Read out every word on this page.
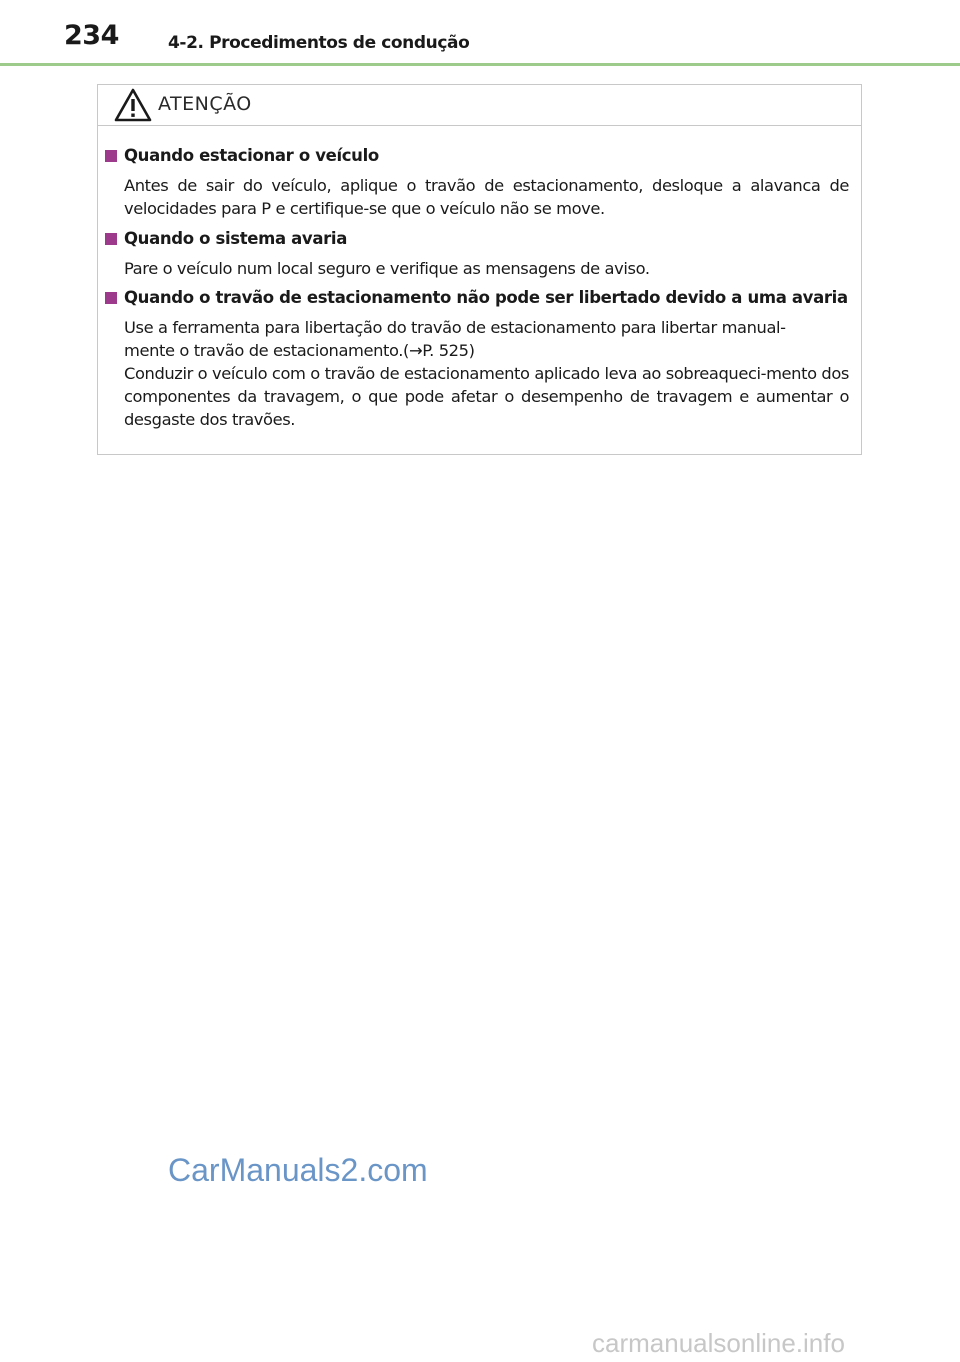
234	4-2. Procedimentos de condução
ATENÇÃO
Quando estacionar o veículo
Antes de sair do veículo, aplique o travão de estacionamento, desloque a alavanca de velocidades para P e certifique-se que o veículo não se move.
Quando o sistema avaria
Pare o veículo num local seguro e verifique as mensagens de aviso.
Quando o travão de estacionamento não pode ser libertado devido a uma avaria
Use a ferramenta para libertação do travão de estacionamento para libertar manual-
mente o travão de estacionamento.(→P. 525)
Conduzir o veículo com o travão de estacionamento aplicado leva ao sobreaqueci-mento dos componentes da travagem, o que pode afetar o desempenho de travagem e aumentar o desgaste dos travões.
CarManuals2.com
carmanualsonline.info
